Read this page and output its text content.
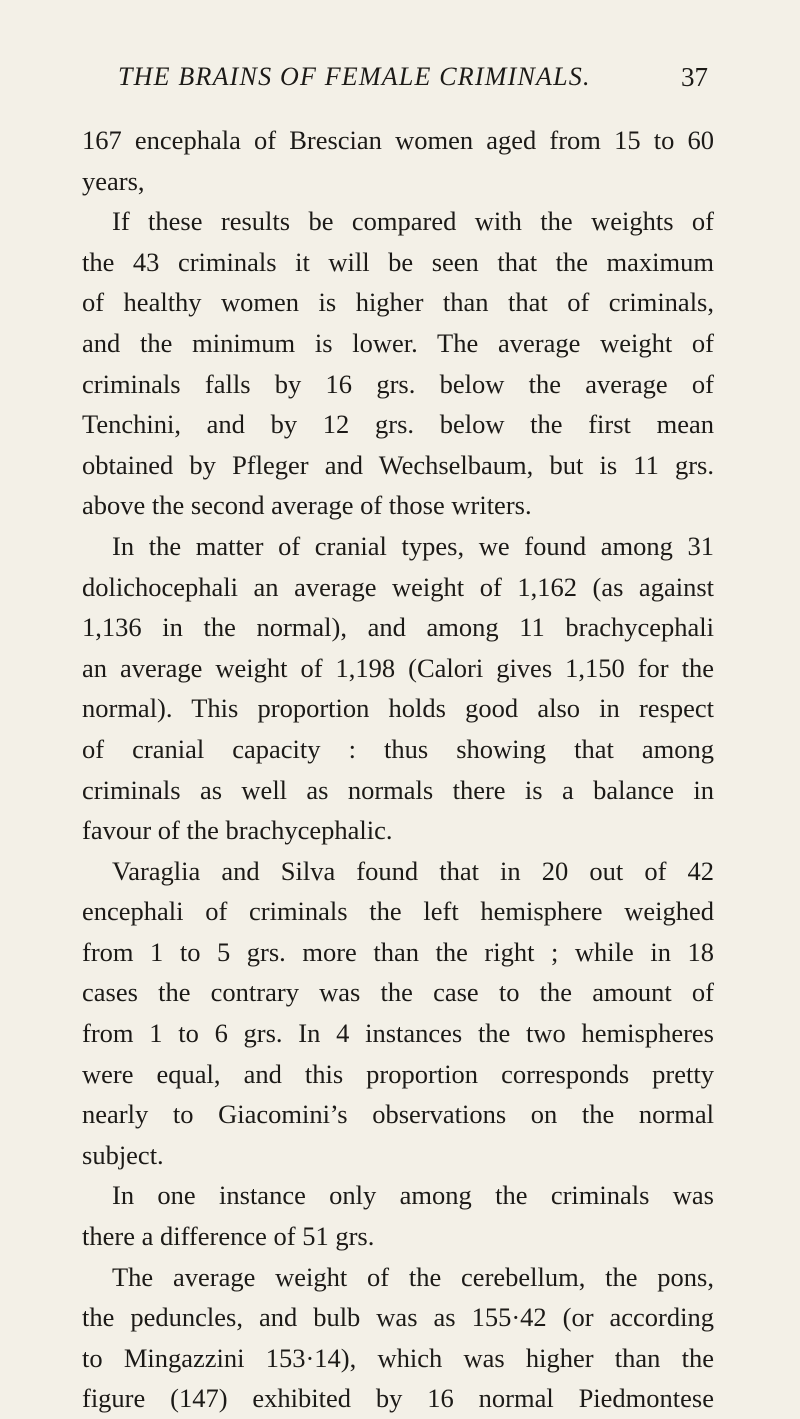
THE BRAINS OF FEMALE CRIMINALS.	37
167 encephala of Brescian women aged from 15 to 60
years,
If these results be compared with the weights of
the 43 criminals it will be seen that the maximum
of healthy women is higher than that of criminals,
and the minimum is lower. The average weight of
criminals falls by 16 grs. below the average of
Tenchini, and by 12 grs. below the first mean
obtained by Pfleger and Wechselbaum, but is 11 grs.
above the second average of those writers.
In the matter of cranial types, we found among 31
dolichocephali an average weight of 1,162 (as against
1,136 in the normal), and among 11 brachycephali
an average weight of 1,198 (Calori gives 1,150 for the
normal). This proportion holds good also in respect
of cranial capacity : thus showing that among
criminals as well as normals there is a balance in
favour of the brachycephalic.
Varaglia and Silva found that in 20 out of 42
encephali of criminals the left hemisphere weighed
from 1 to 5 grs. more than the right ; while in 18
cases the contrary was the case to the amount of
from 1 to 6 grs. In 4 instances the two hemispheres
were equal, and this proportion corresponds pretty
nearly to Giacomini’s observations on the normal
subject.
In one instance only among the criminals was
there a difference of 51 grs.
The average weight of the cerebellum, the pons,
the peduncles, and bulb was as 155·42 (or according
to Mingazzini 153·14), which was higher than the
figure (147) exhibited by 16 normal Piedmontese
